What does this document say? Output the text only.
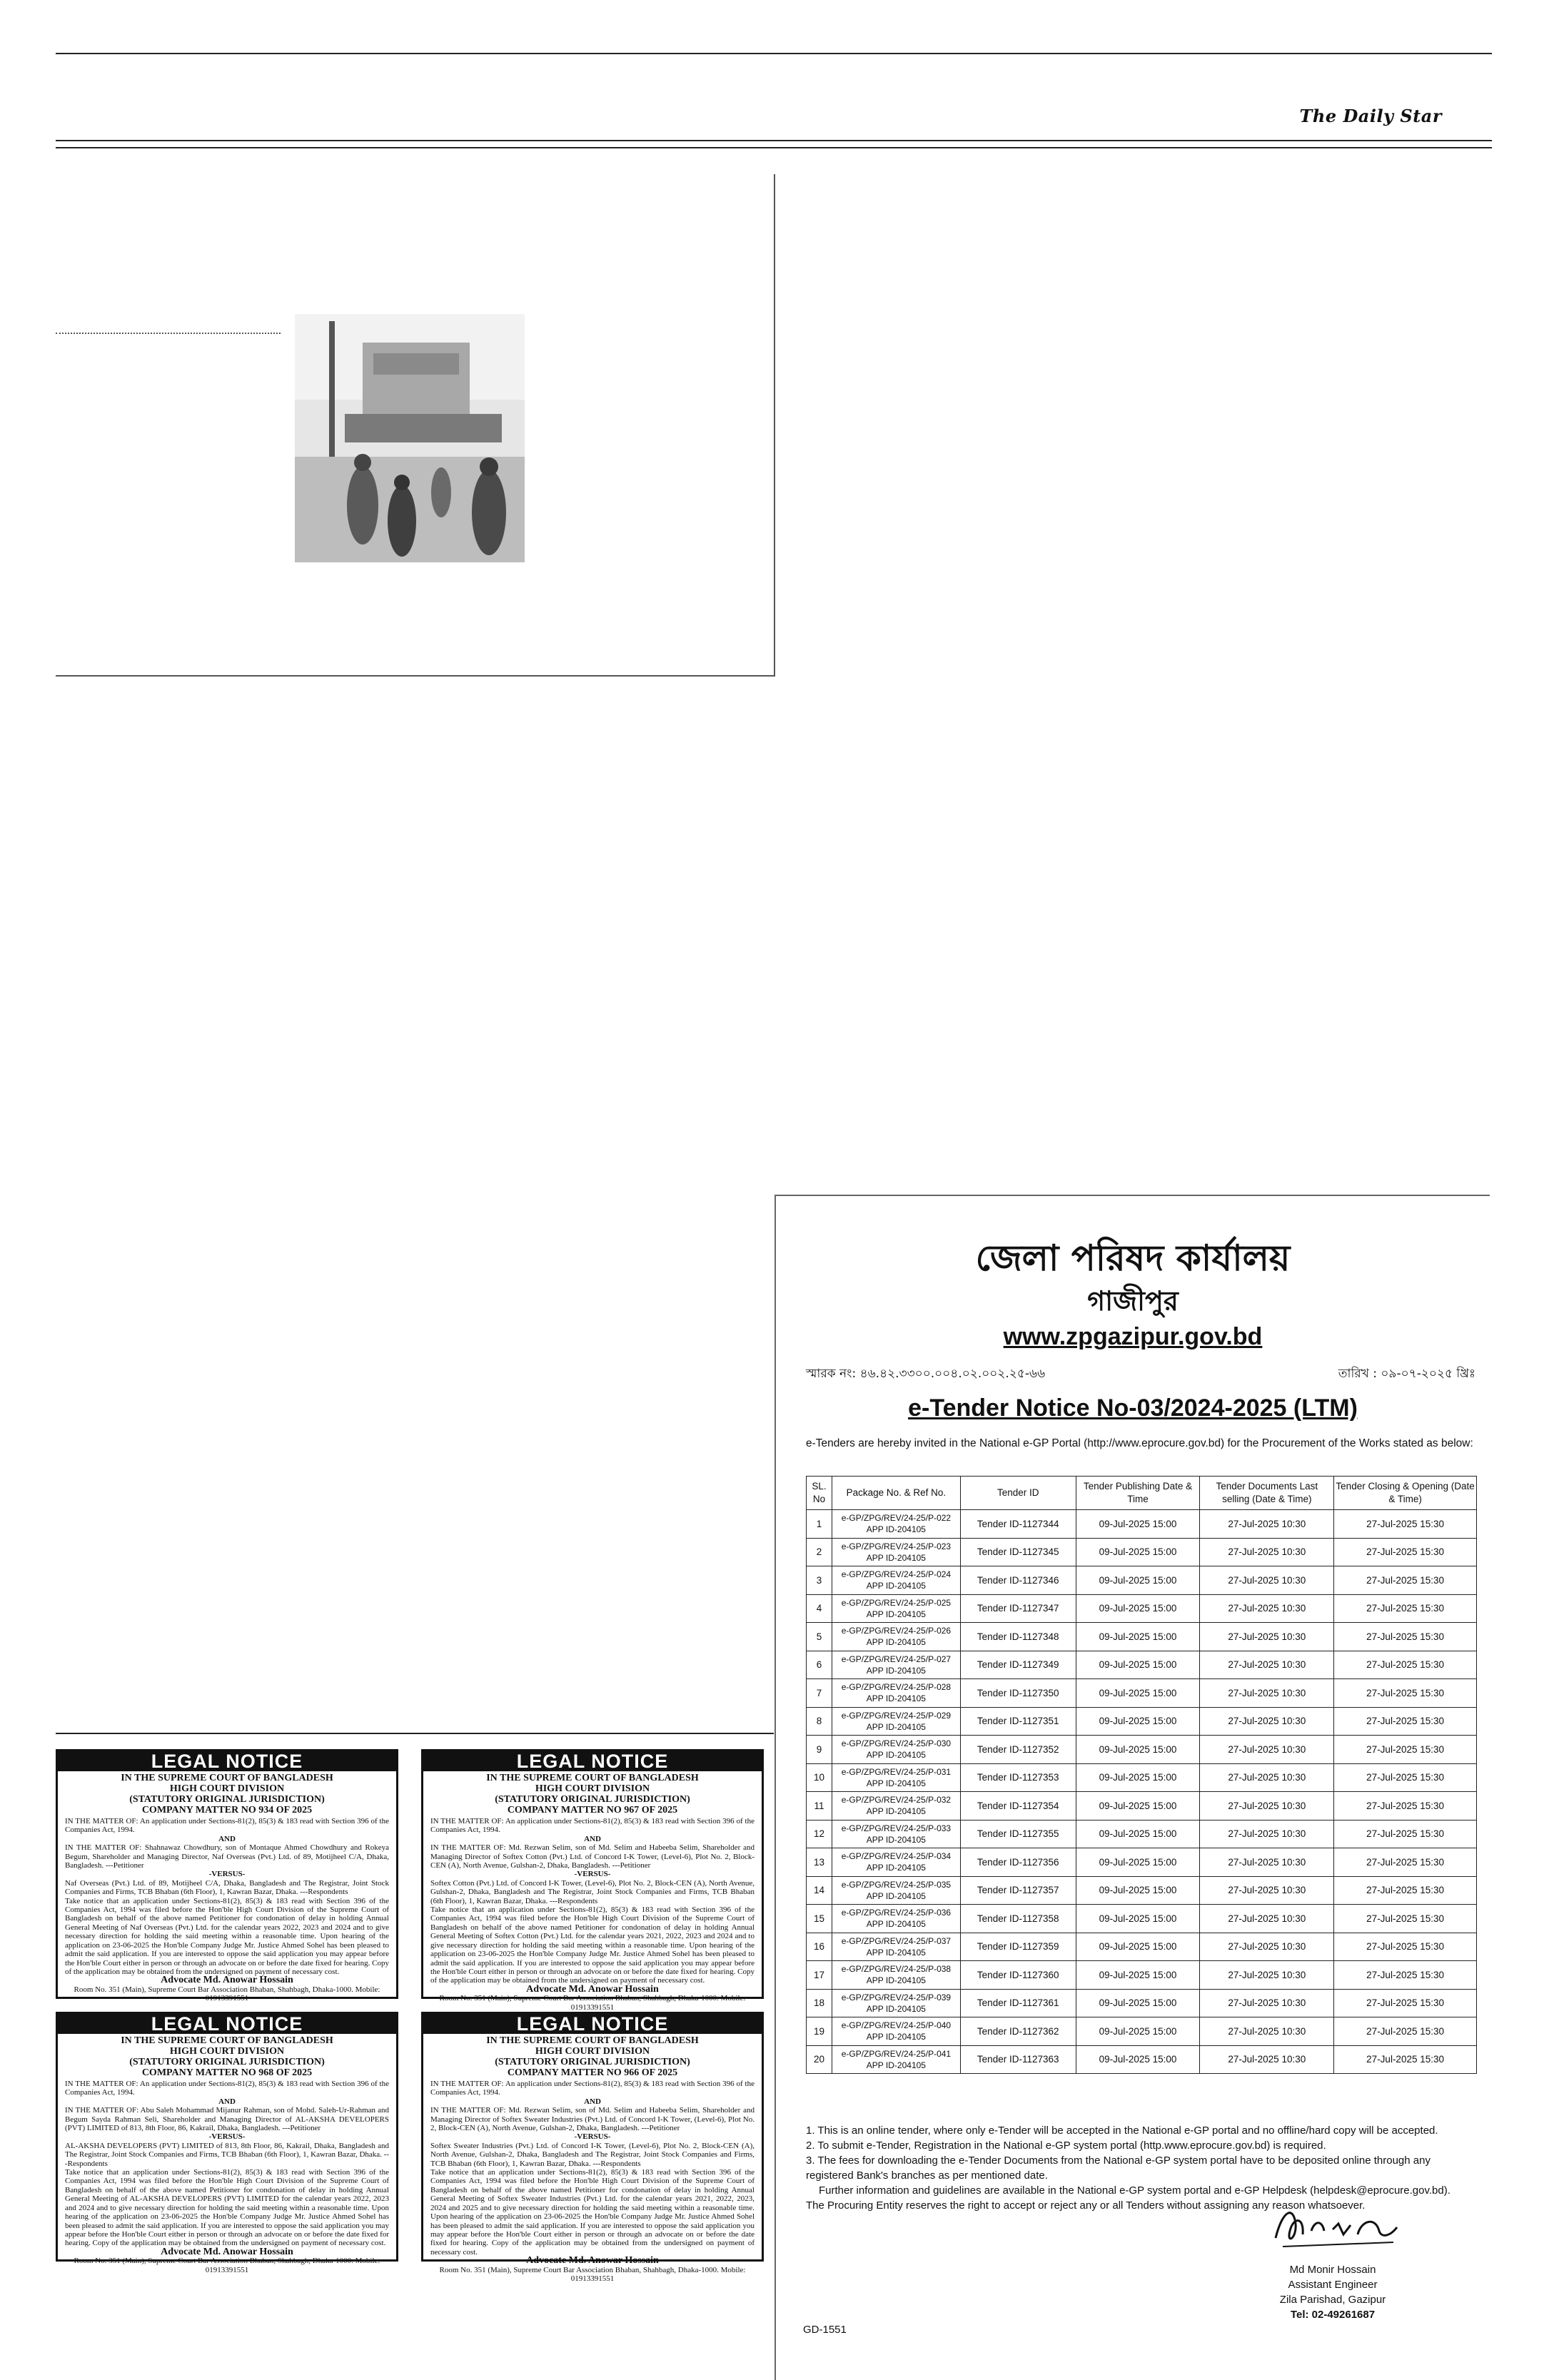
The Daily Star
জেলা পরিষদ কার্যালয়
গাজীপুর
www.zpgazipur.gov.bd
স্মারক নং: ৪৬.৪২.৩৩০০.০০৪.০২.০০২.২৫-৬৬	তারিখ : ০৯-০৭-২০২৫ খ্রিঃ
e-Tender Notice No-03/2024-2025 (LTM)
e-Tenders are hereby invited in the National e-GP Portal (http://www.eprocure.gov.bd) for the Procurement of the Works stated as below:
SL. No	Package No. & Ref No.	Tender ID	Tender Publishing Date & Time	Tender Documents Last selling (Date & Time)	Tender Closing & Opening (Date & Time)
1	e-GP/ZPG/REV/24-25/P-022
APP ID-204105	Tender ID-1127344	09-Jul-2025 15:00	27-Jul-2025 10:30	27-Jul-2025 15:30
2	e-GP/ZPG/REV/24-25/P-023
APP ID-204105	Tender ID-1127345	09-Jul-2025 15:00	27-Jul-2025 10:30	27-Jul-2025 15:30
3	e-GP/ZPG/REV/24-25/P-024
APP ID-204105	Tender ID-1127346	09-Jul-2025 15:00	27-Jul-2025 10:30	27-Jul-2025 15:30
4	e-GP/ZPG/REV/24-25/P-025
APP ID-204105	Tender ID-1127347	09-Jul-2025 15:00	27-Jul-2025 10:30	27-Jul-2025 15:30
5	e-GP/ZPG/REV/24-25/P-026
APP ID-204105	Tender ID-1127348	09-Jul-2025 15:00	27-Jul-2025 10:30	27-Jul-2025 15:30
6	e-GP/ZPG/REV/24-25/P-027
APP ID-204105	Tender ID-1127349	09-Jul-2025 15:00	27-Jul-2025 10:30	27-Jul-2025 15:30
7	e-GP/ZPG/REV/24-25/P-028
APP ID-204105	Tender ID-1127350	09-Jul-2025 15:00	27-Jul-2025 10:30	27-Jul-2025 15:30
8	e-GP/ZPG/REV/24-25/P-029
APP ID-204105	Tender ID-1127351	09-Jul-2025 15:00	27-Jul-2025 10:30	27-Jul-2025 15:30
9	e-GP/ZPG/REV/24-25/P-030
APP ID-204105	Tender ID-1127352	09-Jul-2025 15:00	27-Jul-2025 10:30	27-Jul-2025 15:30
10	e-GP/ZPG/REV/24-25/P-031
APP ID-204105	Tender ID-1127353	09-Jul-2025 15:00	27-Jul-2025 10:30	27-Jul-2025 15:30
11	e-GP/ZPG/REV/24-25/P-032
APP ID-204105	Tender ID-1127354	09-Jul-2025 15:00	27-Jul-2025 10:30	27-Jul-2025 15:30
12	e-GP/ZPG/REV/24-25/P-033
APP ID-204105	Tender ID-1127355	09-Jul-2025 15:00	27-Jul-2025 10:30	27-Jul-2025 15:30
13	e-GP/ZPG/REV/24-25/P-034
APP ID-204105	Tender ID-1127356	09-Jul-2025 15:00	27-Jul-2025 10:30	27-Jul-2025 15:30
14	e-GP/ZPG/REV/24-25/P-035
APP ID-204105	Tender ID-1127357	09-Jul-2025 15:00	27-Jul-2025 10:30	27-Jul-2025 15:30
15	e-GP/ZPG/REV/24-25/P-036
APP ID-204105	Tender ID-1127358	09-Jul-2025 15:00	27-Jul-2025 10:30	27-Jul-2025 15:30
16	e-GP/ZPG/REV/24-25/P-037
APP ID-204105	Tender ID-1127359	09-Jul-2025 15:00	27-Jul-2025 10:30	27-Jul-2025 15:30
17	e-GP/ZPG/REV/24-25/P-038
APP ID-204105	Tender ID-1127360	09-Jul-2025 15:00	27-Jul-2025 10:30	27-Jul-2025 15:30
18	e-GP/ZPG/REV/24-25/P-039
APP ID-204105	Tender ID-1127361	09-Jul-2025 15:00	27-Jul-2025 10:30	27-Jul-2025 15:30
19	e-GP/ZPG/REV/24-25/P-040
APP ID-204105	Tender ID-1127362	09-Jul-2025 15:00	27-Jul-2025 10:30	27-Jul-2025 15:30
20	e-GP/ZPG/REV/24-25/P-041
APP ID-204105	Tender ID-1127363	09-Jul-2025 15:00	27-Jul-2025 10:30	27-Jul-2025 15:30

1. This is an online tender, where only e-Tender will be accepted in the National e-GP portal and no offline/hard copy will be accepted.

2. To submit e-Tender, Registration in the National e-GP system portal (http.www.eprocure.gov.bd) is required.

3. The fees for downloading the e-Tender Documents from the National e-GP system portal have to be deposited online through any registered Bank's branches as per mentioned date.

Further information and guidelines are available in the National e-GP system portal and e-GP Helpdesk (helpdesk@eprocure.gov.bd).

The Procuring Entity reserves the right to accept or reject any or all Tenders without assigning any reason whatsoever.

Md Monir Hossain
Assistant Engineer
Zila Parishad, Gazipur
Tel: 02-49261687
GD-1551
LEGAL NOTICE
IN THE SUPREME COURT OF BANGLADESH
HIGH COURT DIVISION
(STATUTORY ORIGINAL JURISDICTION)
COMPANY MATTER NO 934 OF 2025

IN THE MATTER OF: An application under Sections-81(2), 85(3) & 183 read with Section 396 of the Companies Act, 1994.

AND

IN THE MATTER OF: Shahnawaz Chowdhury, son of Montaque Ahmed Chowdhury and Rokeya Begum, Shareholder and Managing Director, Naf Overseas (Pvt.) Ltd. of 89, Motijheel C/A, Dhaka, Bangladesh. ---Petitioner

-VERSUS-

Naf Overseas (Pvt.) Ltd. of 89, Motijheel C/A, Dhaka, Bangladesh and The Registrar, Joint Stock Companies and Firms, TCB Bhaban (6th Floor), 1, Kawran Bazar, Dhaka. ---Respondents

Take notice that an application under Sections-81(2), 85(3) & 183 read with Section 396 of the Companies Act, 1994 was filed before the Hon'ble High Court Division of the Supreme Court of Bangladesh on behalf of the above named Petitioner for condonation of delay in holding Annual General Meeting of Naf Overseas (Pvt.) Ltd. for the calendar years 2022, 2023 and 2024 and to give necessary direction for holding the said meeting within a reasonable time. Upon hearing of the application on 23-06-2025 the Hon'ble Company Judge Mr. Justice Ahmed Sohel has been pleased to admit the said application. If you are interested to oppose the said application you may appear before the Hon'ble Court either in person or through an advocate on or before the date fixed for hearing. Copy of the application may be obtained from the undersigned on payment of necessary cost.

Advocate Md. Anowar Hossain
Room No. 351 (Main), Supreme Court Bar Association Bhaban, Shahbagh, Dhaka-1000. Mobile: 01913391551
LEGAL NOTICE
IN THE SUPREME COURT OF BANGLADESH
HIGH COURT DIVISION
(STATUTORY ORIGINAL JURISDICTION)
COMPANY MATTER NO 967 OF 2025

IN THE MATTER OF: An application under Sections-81(2), 85(3) & 183 read with Section 396 of the Companies Act, 1994.

AND

IN THE MATTER OF: Md. Rezwan Selim, son of Md. Selim and Habeeba Selim, Shareholder and Managing Director of Softex Cotton (Pvt.) Ltd. of Concord I-K Tower, (Level-6), Plot No. 2, Block-CEN (A), North Avenue, Gulshan-2, Dhaka, Bangladesh. ---Petitioner

-VERSUS-

Softex Cotton (Pvt.) Ltd. of Concord I-K Tower, (Level-6), Plot No. 2, Block-CEN (A), North Avenue, Gulshan-2, Dhaka, Bangladesh and The Registrar, Joint Stock Companies and Firms, TCB Bhaban (6th Floor), 1, Kawran Bazar, Dhaka. ---Respondents

Take notice that an application under Sections-81(2), 85(3) & 183 read with Section 396 of the Companies Act, 1994 was filed before the Hon'ble High Court Division of the Supreme Court of Bangladesh on behalf of the above named Petitioner for condonation of delay in holding Annual General Meeting of Softex Cotton (Pvt.) Ltd. for the calendar years 2021, 2022, 2023 and 2024 and to give necessary direction for holding the said meeting within a reasonable time. Upon hearing of the application on 23-06-2025 the Hon'ble Company Judge Mr. Justice Ahmed Sohel has been pleased to admit the said application. If you are interested to oppose the said application you may appear before the Hon'ble Court either in person or through an advocate on or before the date fixed for hearing. Copy of the application may be obtained from the undersigned on payment of necessary cost.

Advocate Md. Anowar Hossain
Room No. 351 (Main), Supreme Court Bar Association Bhaban, Shahbagh, Dhaka-1000. Mobile: 01913391551
LEGAL NOTICE
IN THE SUPREME COURT OF BANGLADESH
HIGH COURT DIVISION
(STATUTORY ORIGINAL JURISDICTION)
COMPANY MATTER NO 968 OF 2025

IN THE MATTER OF: An application under Sections-81(2), 85(3) & 183 read with Section 396 of the Companies Act, 1994.

AND

IN THE MATTER OF: Abu Saleh Mohammad Mijanur Rahman, son of Mohd. Saleh-Ur-Rahman and Begum Sayda Rahman Seli, Shareholder and Managing Director of AL-AKSHA DEVELOPERS (PVT) LIMITED of 813, 8th Floor, 86, Kakrail, Dhaka, Bangladesh. ---Petitioner

-VERSUS-

AL-AKSHA DEVELOPERS (PVT) LIMITED of 813, 8th Floor, 86, Kakrail, Dhaka, Bangladesh and The Registrar, Joint Stock Companies and Firms, TCB Bhaban (6th Floor), 1, Kawran Bazar, Dhaka. ---Respondents

Take notice that an application under Sections-81(2), 85(3) & 183 read with Section 396 of the Companies Act, 1994 was filed before the Hon'ble High Court Division of the Supreme Court of Bangladesh on behalf of the above named Petitioner for condonation of delay in holding Annual General Meeting of AL-AKSHA DEVELOPERS (PVT) LIMITED for the calendar years 2022, 2023 and 2024 and to give necessary direction for holding the said meeting within a reasonable time. Upon hearing of the application on 23-06-2025 the Hon'ble Company Judge Mr. Justice Ahmed Sohel has been pleased to admit the said application. If you are interested to oppose the said application you may appear before the Hon'ble Court either in person or through an advocate on or before the date fixed for hearing. Copy of the application may be obtained from the undersigned on payment of necessary cost.

Advocate Md. Anowar Hossain
Room No. 351 (Main), Supreme Court Bar Association Bhaban, Shahbagh, Dhaka-1000. Mobile: 01913391551
LEGAL NOTICE
IN THE SUPREME COURT OF BANGLADESH
HIGH COURT DIVISION
(STATUTORY ORIGINAL JURISDICTION)
COMPANY MATTER NO 966 OF 2025

IN THE MATTER OF: An application under Sections-81(2), 85(3) & 183 read with Section 396 of the Companies Act, 1994.

AND

IN THE MATTER OF: Md. Rezwan Selim, son of Md. Selim and Habeeba Selim, Shareholder and Managing Director of Softex Sweater Industries (Pvt.) Ltd. of Concord I-K Tower, (Level-6), Plot No. 2, Block-CEN (A), North Avenue, Gulshan-2, Dhaka, Bangladesh. ---Petitioner

-VERSUS-

Softex Sweater Industries (Pvt.) Ltd. of Concord I-K Tower, (Level-6), Plot No. 2, Block-CEN (A), North Avenue, Gulshan-2, Dhaka, Bangladesh and The Registrar, Joint Stock Companies and Firms, TCB Bhaban (6th Floor), 1, Kawran Bazar, Dhaka. ---Respondents

Take notice that an application under Sections-81(2), 85(3) & 183 read with Section 396 of the Companies Act, 1994 was filed before the Hon'ble High Court Division of the Supreme Court of Bangladesh on behalf of the above named Petitioner for condonation of delay in holding Annual General Meeting of Softex Sweater Industries (Pvt.) Ltd. for the calendar years 2021, 2022, 2023, 2024 and 2025 and to give necessary direction for holding the said meeting within a reasonable time. Upon hearing of the application on 23-06-2025 the Hon'ble Company Judge Mr. Justice Ahmed Sohel has been pleased to admit the said application. If you are interested to oppose the said application you may appear before the Hon'ble Court either in person or through an advocate on or before the date fixed for hearing. Copy of the application may be obtained from the undersigned on payment of necessary cost.

Advocate Md. Anowar Hossain
Room No. 351 (Main), Supreme Court Bar Association Bhaban, Shahbagh, Dhaka-1000. Mobile: 01913391551
